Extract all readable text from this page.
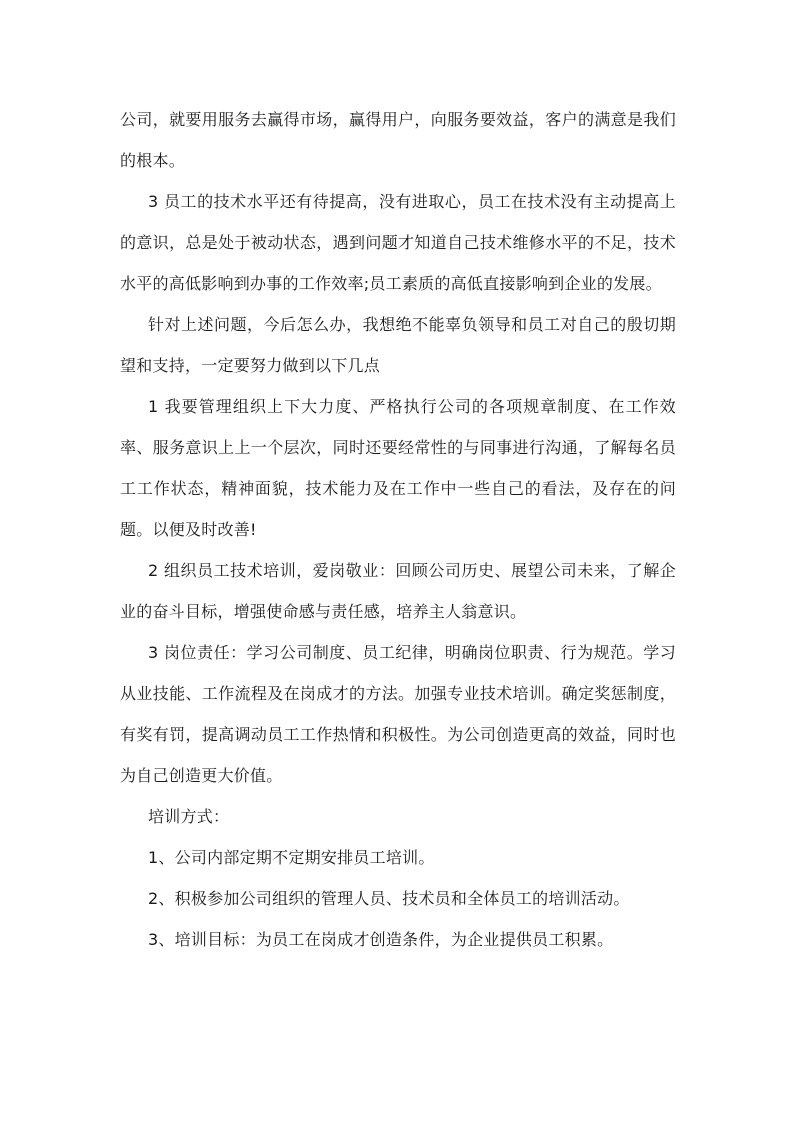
公司，就要用服务去赢得市场，赢得用户，向服务要效益，客户的满意是我们的根本。

3 员工的技术水平还有待提高，没有进取心，员工在技术没有主动提高上的意识，总是处于被动状态，遇到问题才知道自己技术维修水平的不足，技术水平的高低影响到办事的工作效率;员工素质的高低直接影响到企业的发展。

针对上述问题，今后怎么办，我想绝不能辜负领导和员工对自己的殷切期望和支持，一定要努力做到以下几点

1 我要管理组织上下大力度、严格执行公司的各项规章制度、在工作效率、服务意识上上一个层次，同时还要经常性的与同事进行沟通，了解每名员工工作状态，精神面貌，技术能力及在工作中一些自己的看法，及存在的问题。以便及时改善!

2 组织员工技术培训，爱岗敬业：回顾公司历史、展望公司未来，了解企业的奋斗目标，增强使命感与责任感，培养主人翁意识。

3 岗位责任：学习公司制度、员工纪律，明确岗位职责、行为规范。学习从业技能、工作流程及在岗成才的方法。加强专业技术培训。确定奖惩制度，有奖有罚，提高调动员工工作热情和积极性。为公司创造更高的效益，同时也为自己创造更大价值。

培训方式：

1、公司内部定期不定期安排员工培训。

2、积极参加公司组织的管理人员、技术员和全体员工的培训活动。

3、培训目标：为员工在岗成才创造条件，为企业提供员工积累。
